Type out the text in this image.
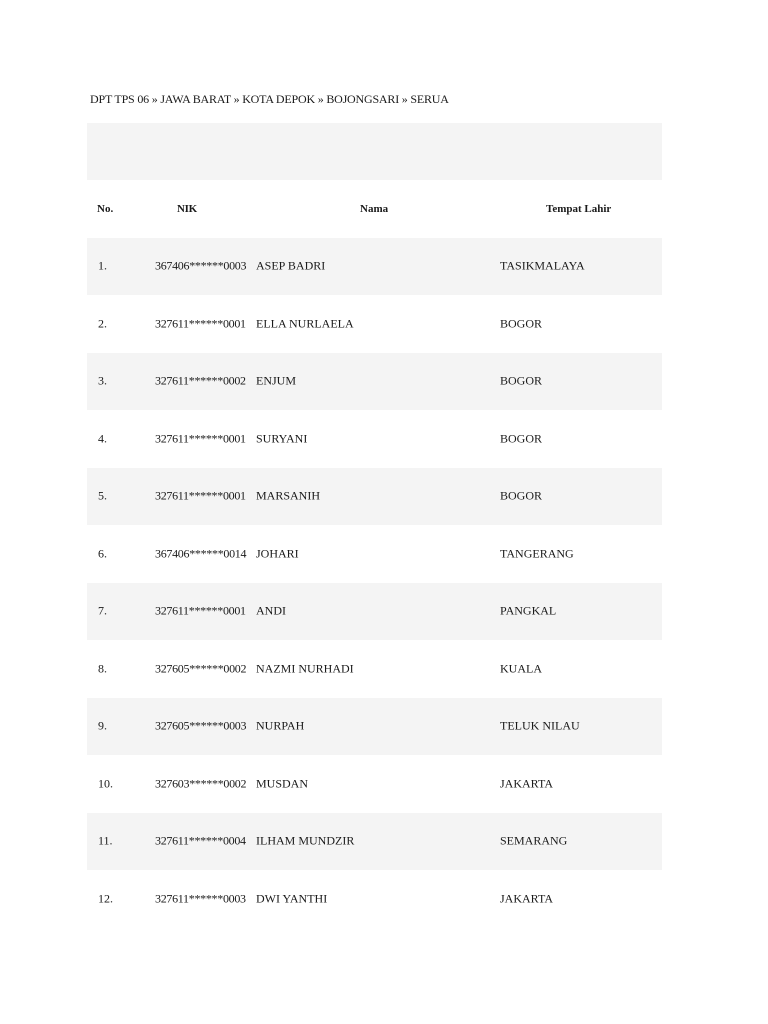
DPT TPS 06 » JAWA BARAT » KOTA DEPOK » BOJONGSARI » SERUA
No.	NIK	Nama	Tempat Lahir
1.	367406******0003 ASEP BADRI	TASIKMALAYA
2.	327611******0001 ELLA NURLAELA	BOGOR
3.	327611******0002 ENJUM	BOGOR
4.	327611******0001 SURYANI	BOGOR
5.	327611******0001 MARSANIH	BOGOR
6.	367406******0014 JOHARI	TANGERANG
7.	327611******0001 ANDI	PANGKAL
8.	327605******0002 NAZMI NURHADI	KUALA
9.	327605******0003 NURPAH	TELUK NILAU
10.	327603******0002 MUSDAN	JAKARTA
11.	327611******0004 ILHAM MUNDZIR	SEMARANG
12.	327611******0003 DWI YANTHI	JAKARTA
